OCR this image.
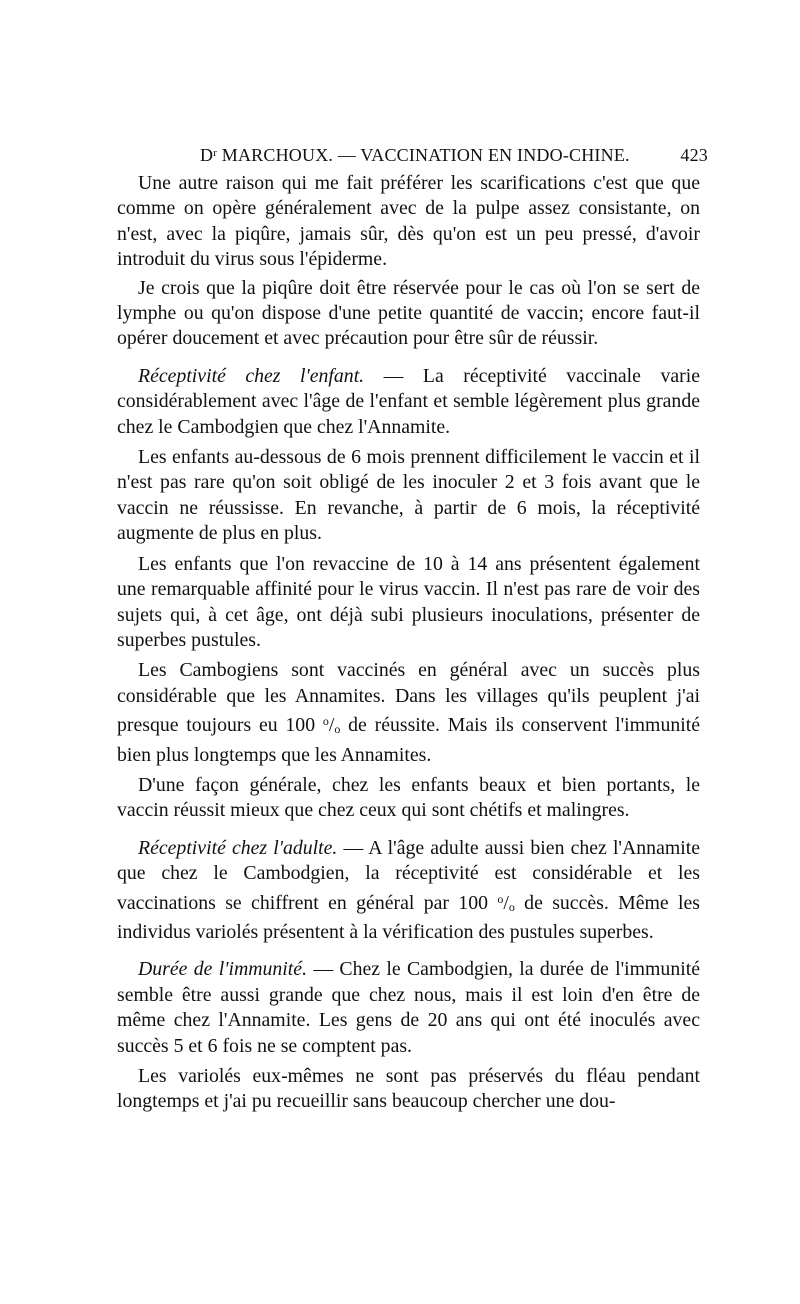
$D^r$ MARCHOUX. — VACCINATION EN INDO-CHINE.	423

Une autre raison qui me fait préférer les scarifications c'est que que comme on opère généralement avec de la pulpe assez consistante, on n'est, avec la piqûre, jamais sûr, dès qu'on est un peu pressé, d'avoir introduit du virus sous l'épiderme.

Je crois que la piqûre doit être réservée pour le cas où l'on se sert de lymphe ou qu'on dispose d'une petite quantité de vaccin; encore faut-il opérer doucement et avec précaution pour être sûr de réussir.

Réceptivité chez l'enfant. — La réceptivité vaccinale varie considérablement avec l'âge de l'enfant et semble légèrement plus grande chez le Cambodgien que chez l'Annamite.

Les enfants au-dessous de 6 mois prennent difficilement le vaccin et il n'est pas rare qu'on soit obligé de les inoculer 2 et 3 fois avant que le vaccin ne réussisse. En revanche, à partir de 6 mois, la réceptivité augmente de plus en plus.

Les enfants que l'on revaccine de 10 à 14 ans présentent également une remarquable affinité pour le virus vaccin. Il n'est pas rare de voir des sujets qui, à cet âge, ont déjà subi plusieurs inoculations, présenter de superbes pustules.

Les Cambogiens sont vaccinés en général avec un succès plus considérable que les Annamites. Dans les villages qu'ils peuplent j'ai presque toujours eu 100 $^o/_o$ de réussite. Mais ils conservent l'immunité bien plus longtemps que les Annamites.

D'une façon générale, chez les enfants beaux et bien portants, le vaccin réussit mieux que chez ceux qui sont chétifs et malingres.

Réceptivité chez l'adulte. — A l'âge adulte aussi bien chez l'Annamite que chez le Cambodgien, la réceptivité est considérable et les vaccinations se chiffrent en général par 100 $^o/_o$ de succès. Même les individus variolés présentent à la vérification des pustules superbes.

Durée de l'immunité. — Chez le Cambodgien, la durée de l'immunité semble être aussi grande que chez nous, mais il est loin d'en être de même chez l'Annamite. Les gens de 20 ans qui ont été inoculés avec succès 5 et 6 fois ne se comptent pas.

Les variolés eux-mêmes ne sont pas préservés du fléau pendant longtemps et j'ai pu recueillir sans beaucoup chercher une dou-
